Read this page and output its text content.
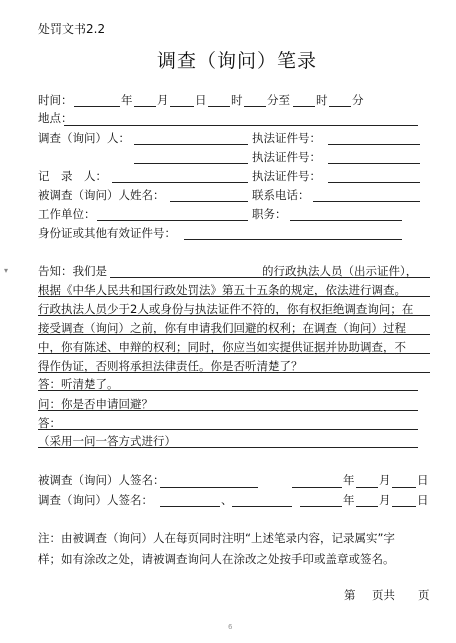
处罚文书2.2
调查（询问）笔录
时间：	年 月 日 时 分至 时 分
地点：
调查（询问）人：	执法证件号：
执法证件号：
记　录　人：	执法证件号：
被调查（询问）人姓名：	联系电话：
工作单位：	职务：
身份证或其他有效证件号：
▾	告知：我们是	的行政执法人员（出示证件），
根据《中华人民共和国行政处罚法》第五十五条的规定，依法进行调查。
行政执法人员少于2人或身份与执法证件不符的，你有权拒绝调查询问；在
接受调查（询问）之前，你有申请我们回避的权利；在调查（询问）过程
中，你有陈述、申辩的权利；同时，你应当如实提供证据并协助调查，不
得作伪证，否则将承担法律责任。你是否听清楚了？
答：听清楚了。
问：你是否申请回避？
答：
（采用一问一答方式进行）
被调查（询问）人签名：	年 月 日
调查（询问）人签名：	、	年 月 日
注：由被调查（询问）人在每页同时注明“上述笔录内容，记录属实”字
样；如有涂改之处，请被调查询问人在涂改之处按手印或盖章或签名。
第 页共 页
6
